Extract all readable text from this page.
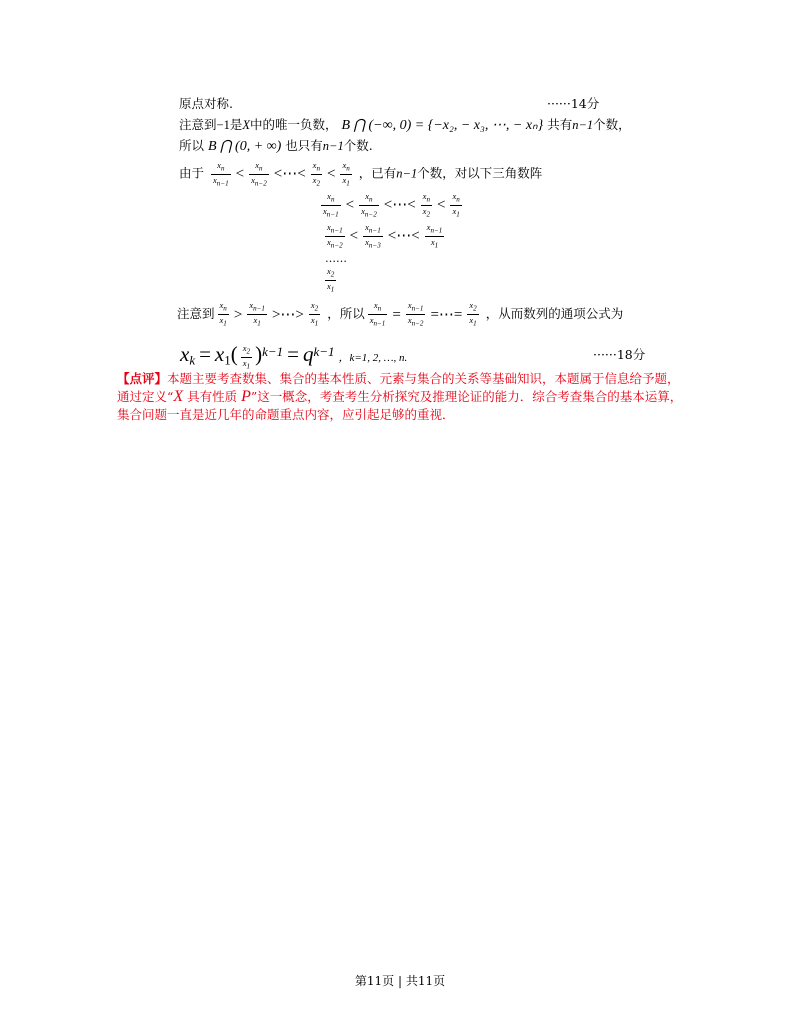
原点对称.	······14分
注意到−1是X中的唯一负数， B ⋂ (−∞, 0) = {−x₂, − x₃, ⋯, − xₙ} 共有n−1个数，
所以 B ⋂ (0, + ∞) 也只有n−1个数.
由于 $\frac{x_n}{x_{n-1}} < \frac{x_n}{x_{n-2}}$ <⋯< $\frac{x_n}{x_2} < \frac{x_n}{x_1}$ ，已有n−1个数，对以下三角数阵
$\frac{x_n}{x_{n-1}} < \frac{x_n}{x_{n-2}}$ <⋯< $\frac{x_n}{x_2} < \frac{x_n}{x_1}$
$\frac{x_{n-1}}{x_{n-2}} < \frac{x_{n-1}}{x_{n-3}}$ <⋯< $\frac{x_{n-1}}{x_1}$
……
$\frac{x_2}{x_1}$
注意到 $\frac{x_n}{x_1} > \frac{x_{n-1}}{x_1}$ >⋯> $\frac{x_2}{x_1}$ ，所以 $\frac{x_n}{x_{n-1}} = \frac{x_{n-1}}{x_{n-2}}$ =⋯= $\frac{x_2}{x_1}$ ，从而数列的通项公式为
$x_k = x_1( \frac{x_2}{x_1} )^{k-1} = q^{k-1}$ ，k=1, 2, …, n.	······18分
【点评】本题主要考查数集、集合的基本性质、元素与集合的关系等基础知识，本题属于信息给予题，通过定义“X 具有性质 P”这一概念，考查考生分析探究及推理论证的能力．综合考查集合的基本运算，集合问题一直是近几年的命题重点内容，应引起足够的重视．
第11页 | 共11页
